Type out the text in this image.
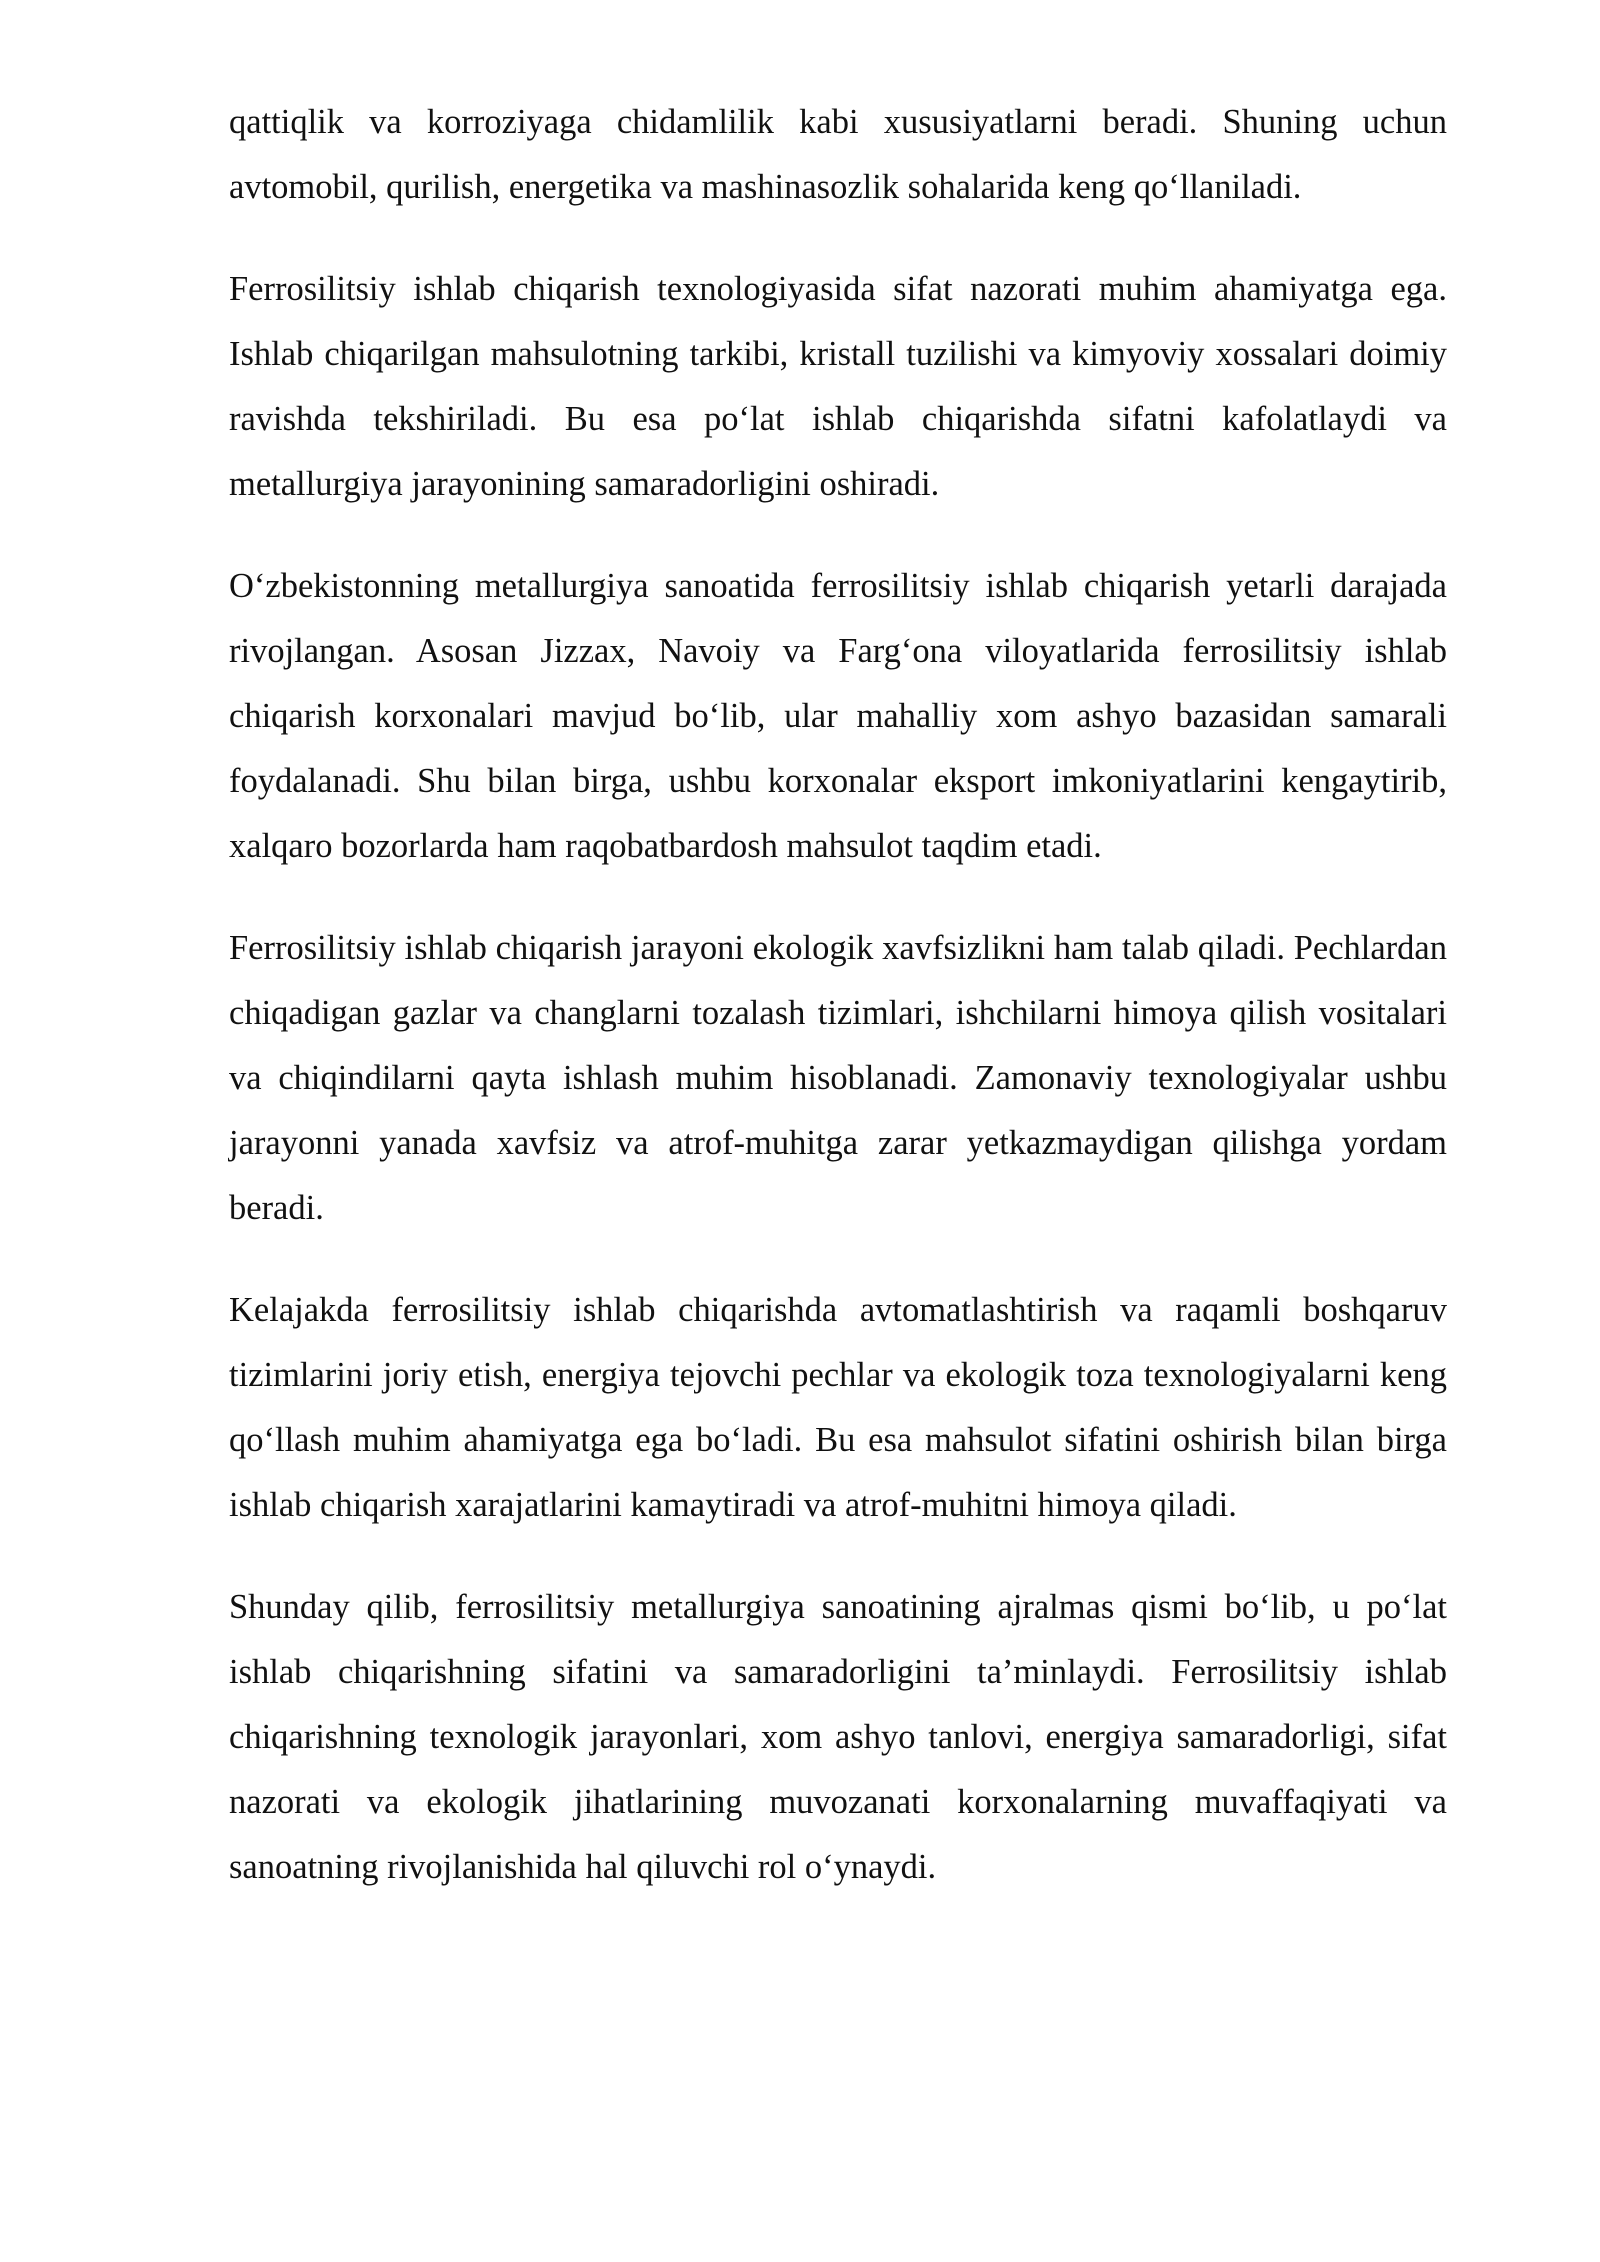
qattiqlik va korroziyaga chidamlilik kabi xususiyatlarni beradi. Shuning uchun avtomobil, qurilish, energetika va mashinasozlik sohalarida keng qo‘llaniladi.

Ferrosilitsiy ishlab chiqarish texnologiyasida sifat nazorati muhim ahamiyatga ega. Ishlab chiqarilgan mahsulotning tarkibi, kristall tuzilishi va kimyoviy xossalari doimiy ravishda tekshiriladi. Bu esa po‘lat ishlab chiqarishda sifatni kafolatlaydi va metallurgiya jarayonining samaradorligini oshiradi.

O‘zbekistonning metallurgiya sanoatida ferrosilitsiy ishlab chiqarish yetarli darajada rivojlangan. Asosan Jizzax, Navoiy va Farg‘ona viloyatlarida ferrosilitsiy ishlab chiqarish korxonalari mavjud bo‘lib, ular mahalliy xom ashyo bazasidan samarali foydalanadi. Shu bilan birga, ushbu korxonalar eksport imkoniyatlarini kengaytirib, xalqaro bozorlarda ham raqobatbardosh mahsulot taqdim etadi.

Ferrosilitsiy ishlab chiqarish jarayoni ekologik xavfsizlikni ham talab qiladi. Pechlardan chiqadigan gazlar va changlarni tozalash tizimlari, ishchilarni himoya qilish vositalari va chiqindilarni qayta ishlash muhim hisoblanadi. Zamonaviy texnologiyalar ushbu jarayonni yanada xavfsiz va atrof-muhitga zarar yetkazmaydigan qilishga yordam beradi.

Kelajakda ferrosilitsiy ishlab chiqarishda avtomatlashtirish va raqamli boshqaruv tizimlarini joriy etish, energiya tejovchi pechlar va ekologik toza texnologiyalarni keng qo‘llash muhim ahamiyatga ega bo‘ladi. Bu esa mahsulot sifatini oshirish bilan birga ishlab chiqarish xarajatlarini kamaytiradi va atrof-muhitni himoya qiladi.

Shunday qilib, ferrosilitsiy metallurgiya sanoatining ajralmas qismi bo‘lib, u po‘lat ishlab chiqarishning sifatini va samaradorligini ta’minlaydi. Ferrosilitsiy ishlab chiqarishning texnologik jarayonlari, xom ashyo tanlovi, energiya samaradorligi, sifat nazorati va ekologik jihatlarining muvozanati korxonalarning muvaffaqiyati va sanoatning rivojlanishida hal qiluvchi rol o‘ynaydi.
